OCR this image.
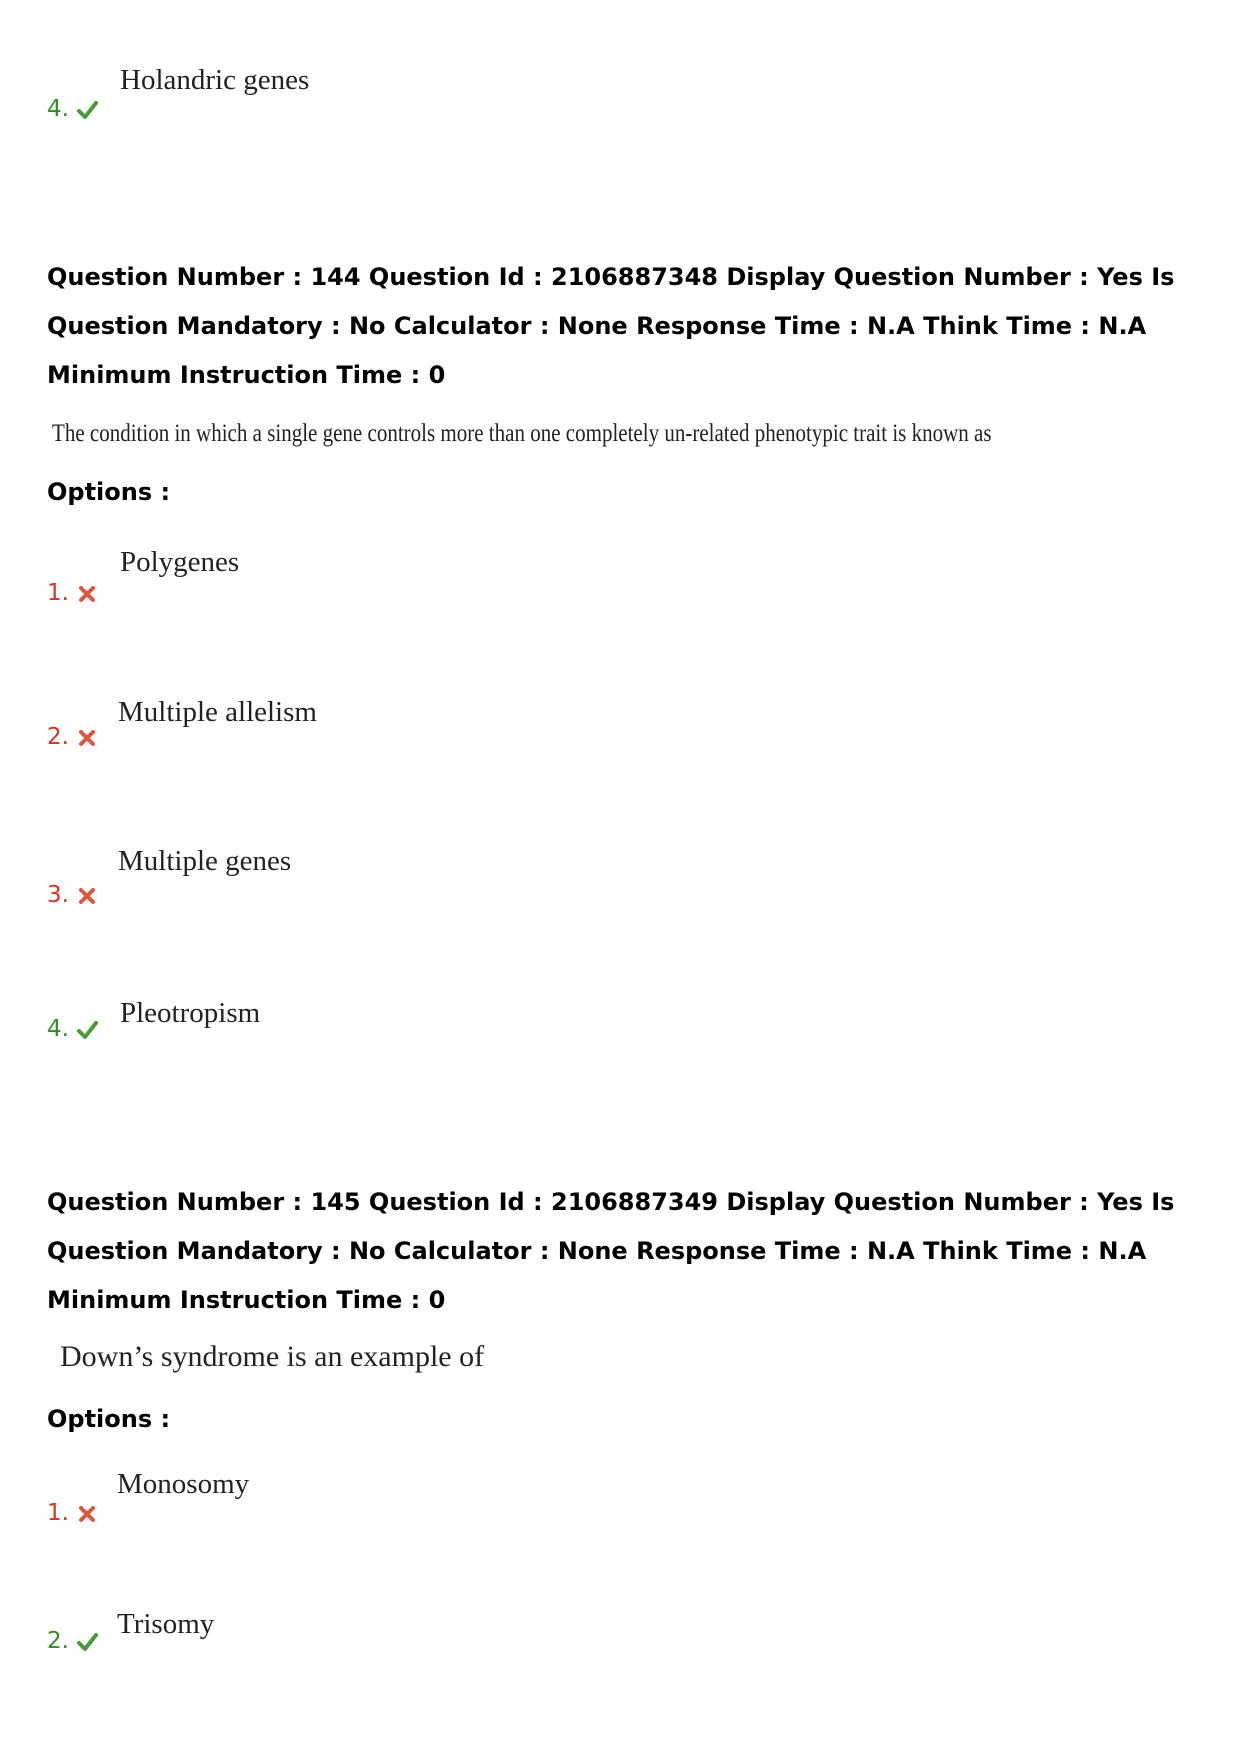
4.
Holandric genes
Question Number : 144 Question Id : 2106887348 Display Question Number : Yes Is Question Mandatory : No Calculator : None Response Time : N.A Think Time : N.A Minimum Instruction Time : 0
The condition in which a single gene controls more than one completely un-related phenotypic trait is known as
Options :
1.
Polygenes
2.
Multiple allelism
3.
Multiple genes
4.	Pleotropism
Question Number : 145 Question Id : 2106887349 Display Question Number : Yes Is Question Mandatory : No Calculator : None Response Time : N.A Think Time : N.A Minimum Instruction Time : 0
Down’s syndrome is an example of
Options :
1.
Monosomy
2.
Trisomy
